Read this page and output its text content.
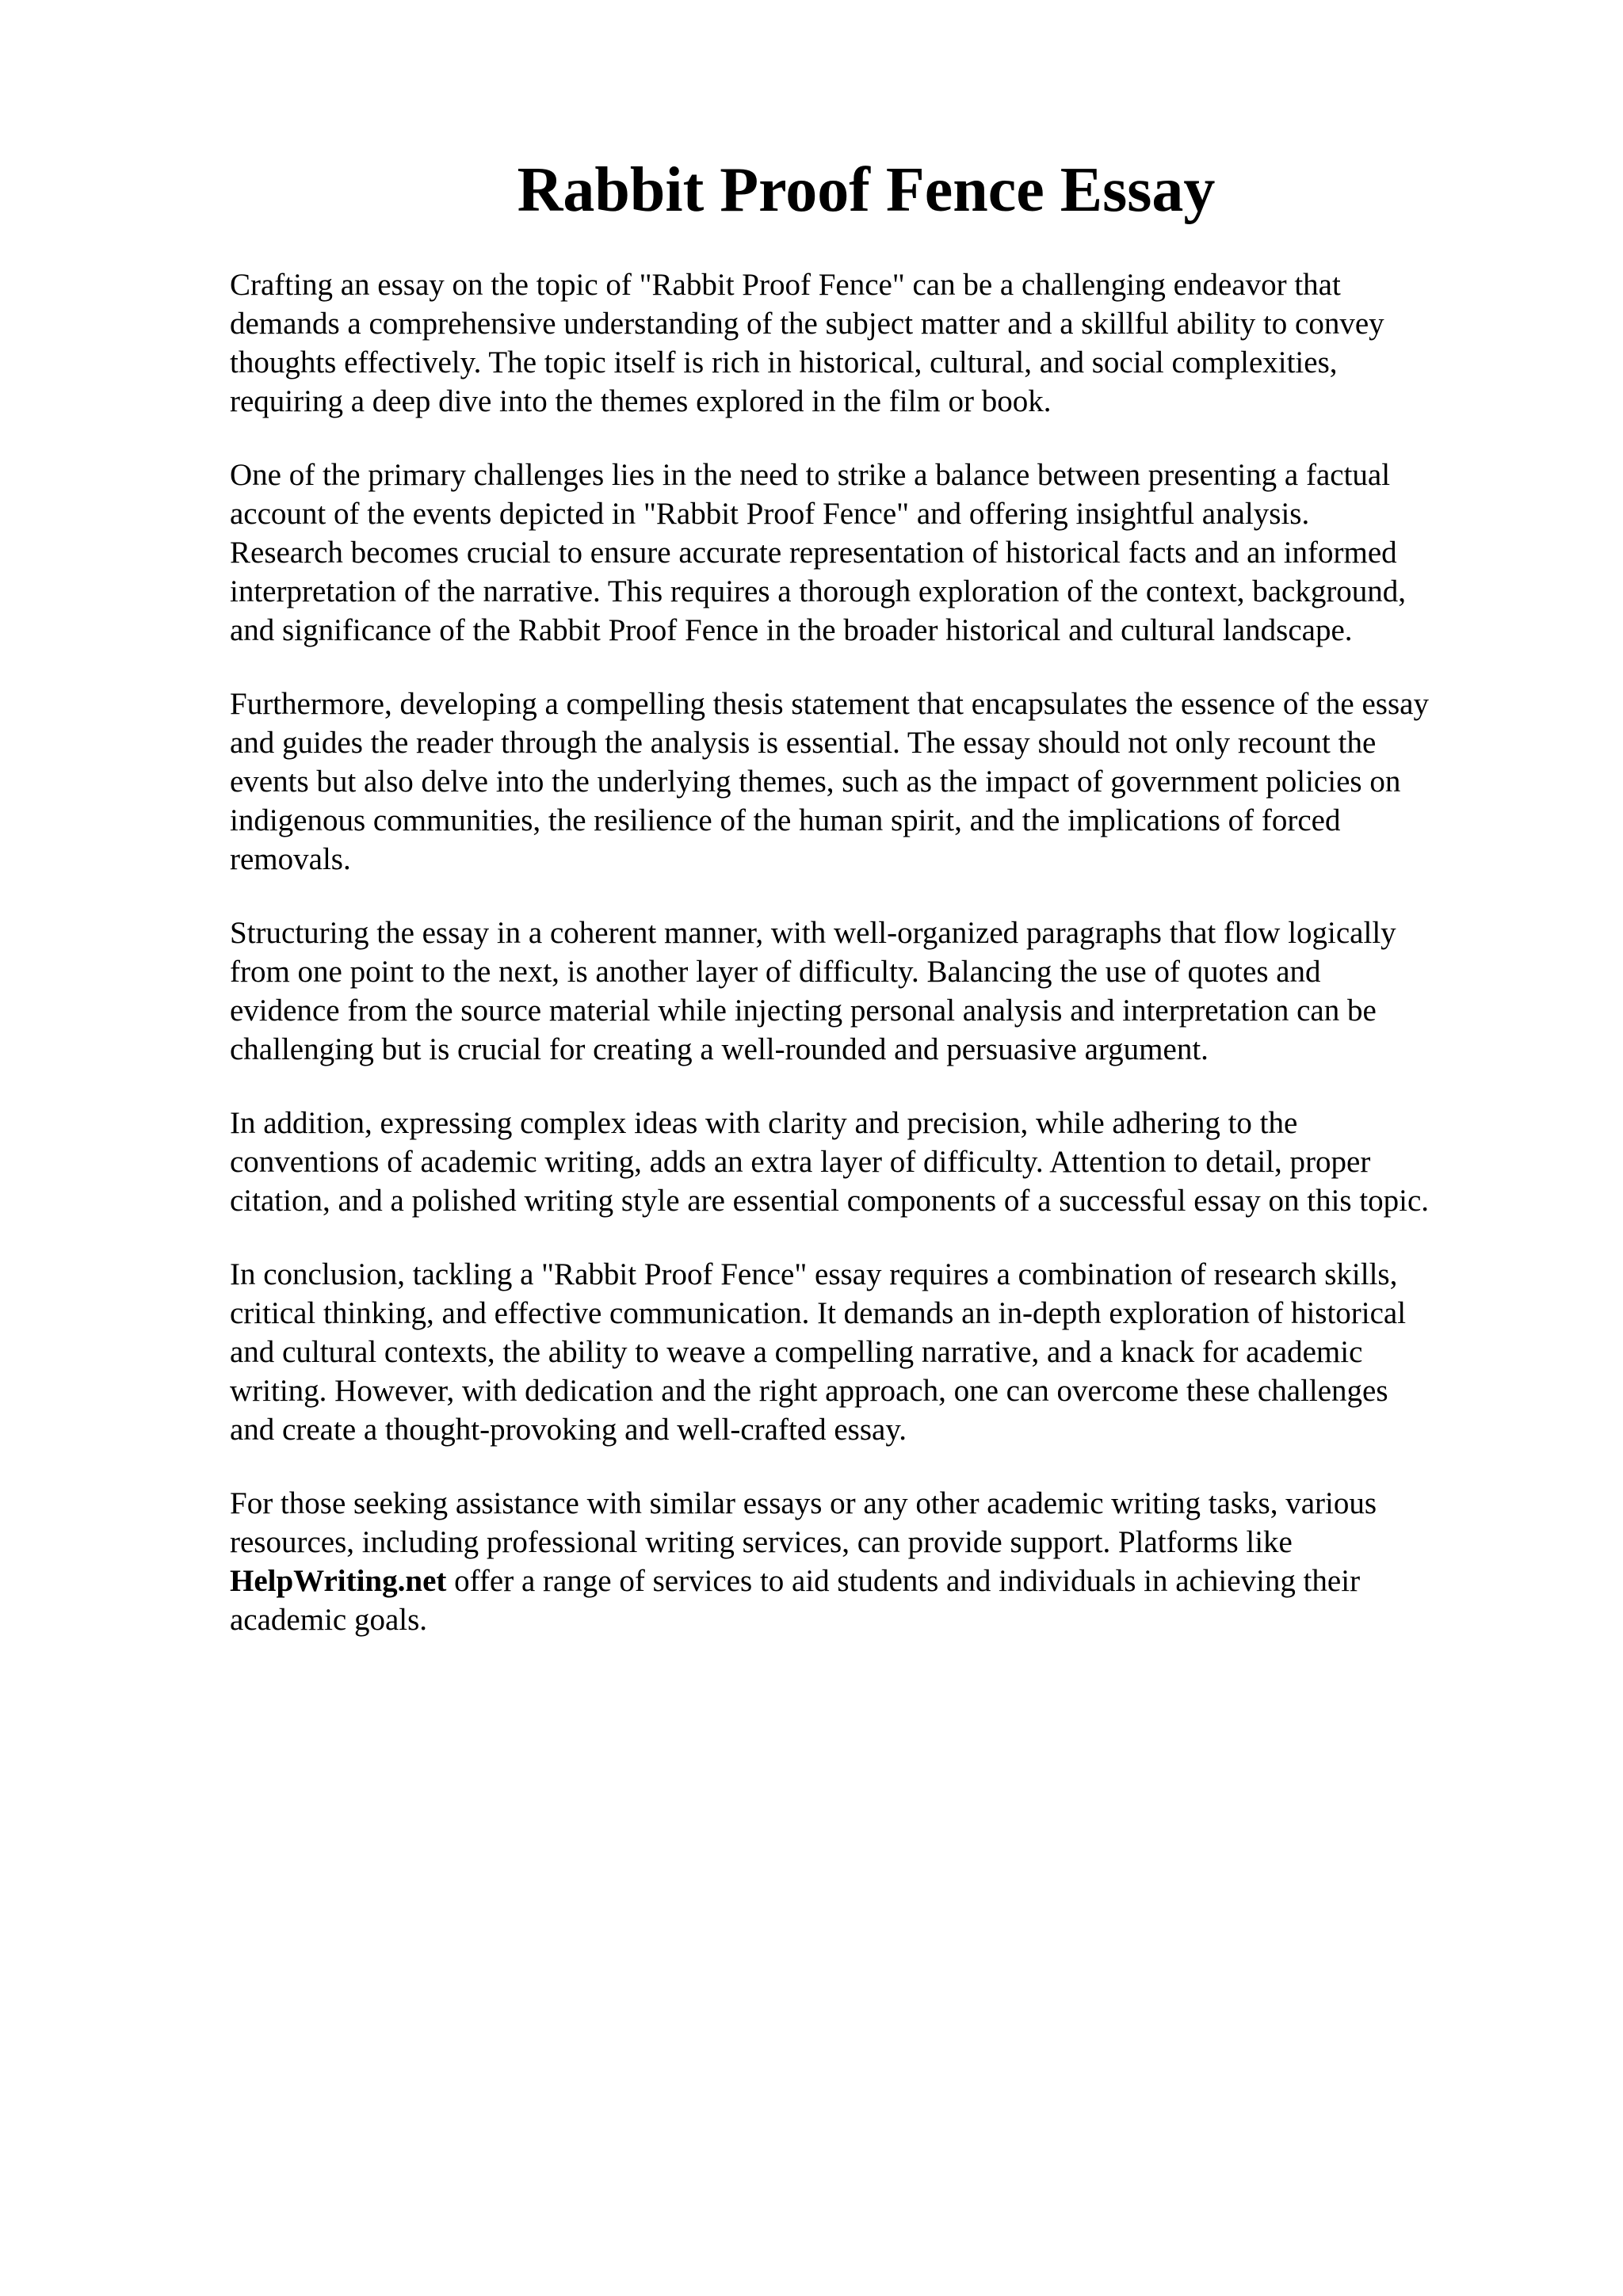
Rabbit Proof Fence Essay

Crafting an essay on the topic of "Rabbit Proof Fence" can be a challenging endeavor that
demands a comprehensive understanding of the subject matter and a skillful ability to convey
thoughts effectively. The topic itself is rich in historical, cultural, and social complexities,
requiring a deep dive into the themes explored in the film or book.

One of the primary challenges lies in the need to strike a balance between presenting a factual
account of the events depicted in "Rabbit Proof Fence" and offering insightful analysis.
Research becomes crucial to ensure accurate representation of historical facts and an informed
interpretation of the narrative. This requires a thorough exploration of the context, background,
and significance of the Rabbit Proof Fence in the broader historical and cultural landscape.

Furthermore, developing a compelling thesis statement that encapsulates the essence of the essay
and guides the reader through the analysis is essential. The essay should not only recount the
events but also delve into the underlying themes, such as the impact of government policies on
indigenous communities, the resilience of the human spirit, and the implications of forced
removals.

Structuring the essay in a coherent manner, with well-organized paragraphs that flow logically
from one point to the next, is another layer of difficulty. Balancing the use of quotes and
evidence from the source material while injecting personal analysis and interpretation can be
challenging but is crucial for creating a well-rounded and persuasive argument.

In addition, expressing complex ideas with clarity and precision, while adhering to the
conventions of academic writing, adds an extra layer of difficulty. Attention to detail, proper
citation, and a polished writing style are essential components of a successful essay on this topic.

In conclusion, tackling a "Rabbit Proof Fence" essay requires a combination of research skills,
critical thinking, and effective communication. It demands an in-depth exploration of historical
and cultural contexts, the ability to weave a compelling narrative, and a knack for academic
writing. However, with dedication and the right approach, one can overcome these challenges
and create a thought-provoking and well-crafted essay.

For those seeking assistance with similar essays or any other academic writing tasks, various
resources, including professional writing services, can provide support. Platforms like
HelpWriting.net offer a range of services to aid students and individuals in achieving their
academic goals.
